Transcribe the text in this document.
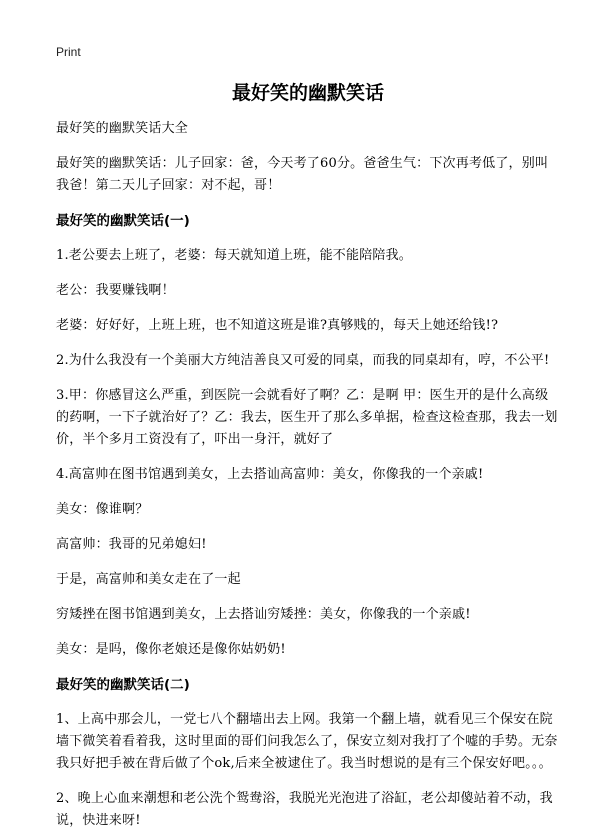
Print
最好笑的幽默笑话
最好笑的幽默笑话大全
最好笑的幽默笑话：儿子回家：爸，今天考了60分。爸爸生气：下次再考低了，别叫我爸！第二天儿子回家：对不起，哥！
最好笑的幽默笑话(一)
1.老公要去上班了，老婆：每天就知道上班，能不能陪陪我。
老公：我要赚钱啊！
老婆：好好好，上班上班，也不知道这班是谁?真够贱的，每天上她还给钱!?
2.为什么我没有一个美丽大方纯洁善良又可爱的同桌，而我的同桌却有，哼，不公平!
3.甲：你感冒这么严重，到医院一会就看好了啊？乙：是啊 甲：医生开的是什么高级的药啊，一下子就治好了？乙：我去，医生开了那么多单据，检查这检查那，我去一划价，半个多月工资没有了，吓出一身汗，就好了
4.高富帅在图书馆遇到美女，上去搭讪高富帅：美女，你像我的一个亲戚!
美女：像谁啊？
高富帅：我哥的兄弟媳妇!
于是，高富帅和美女走在了一起
穷矮挫在图书馆遇到美女，上去搭讪穷矮挫：美女，你像我的一个亲戚!
美女：是吗，像你老娘还是像你姑奶奶!
最好笑的幽默笑话(二)
1、上高中那会儿，一党七八个翻墙出去上网。我第一个翻上墙，就看见三个保安在院墙下微笑着看着我，这时里面的哥们问我怎么了，保安立刻对我打了个嘘的手势。无奈我只好把手被在背后做了个ok,后来全被逮住了。我当时想说的是有三个保安好吧。。。
2、晚上心血来潮想和老公洗个鸳鸯浴，我脱光光泡进了浴缸，老公却傻站着不动，我说，快进来呀!
